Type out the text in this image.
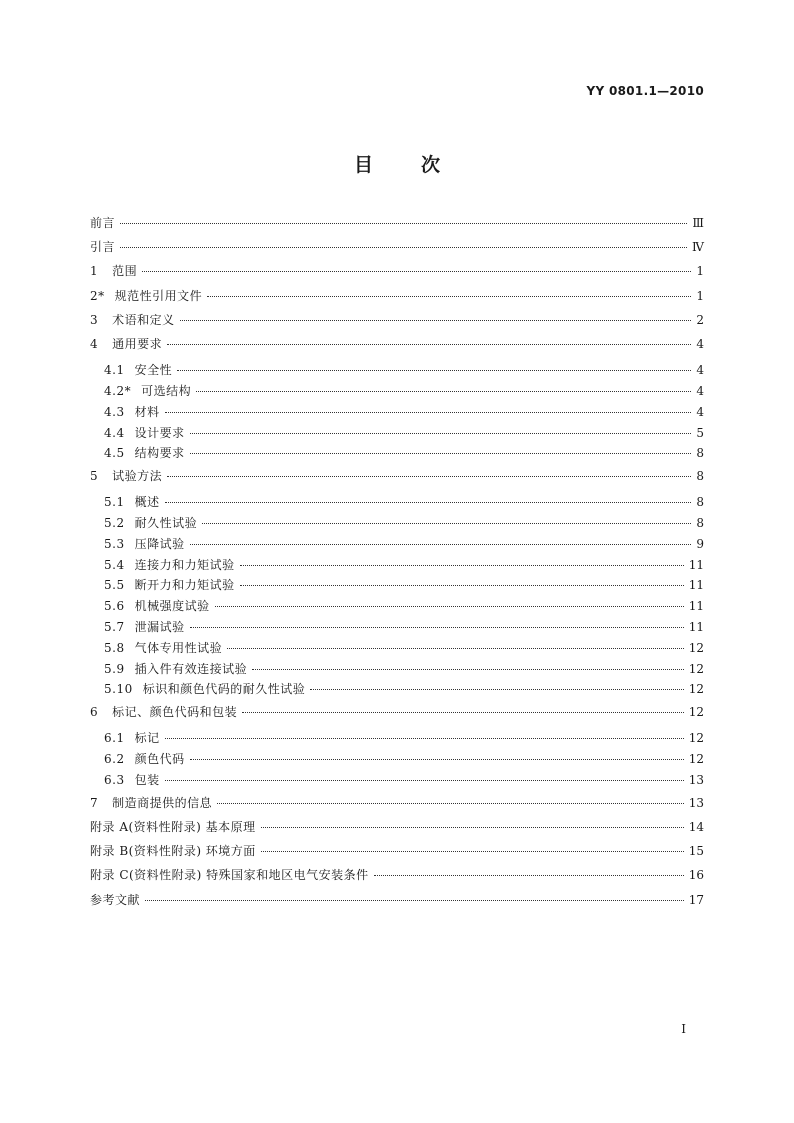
YY 0801.1—2010
目次
前言	Ⅲ
引言	Ⅳ
1 范围	1
2* 规范性引用文件	1
3 术语和定义	2
4 通用要求	4
4.1 安全性	4
4.2* 可选结构	4
4.3 材料	4
4.4 设计要求	5
4.5 结构要求	8
5 试验方法	8
5.1 概述	8
5.2 耐久性试验	8
5.3 压降试验	9
5.4 连接力和力矩试验	11
5.5 断开力和力矩试验	11
5.6 机械强度试验	11
5.7 泄漏试验	11
5.8 气体专用性试验	12
5.9 插入件有效连接试验	12
5.10 标识和颜色代码的耐久性试验	12
6 标记、颜色代码和包装	12
6.1 标记	12
6.2 颜色代码	12
6.3 包装	13
7 制造商提供的信息	13
附录 A(资料性附录) 基本原理	14
附录 B(资料性附录) 环境方面	15
附录 C(资料性附录) 特殊国家和地区电气安装条件	16
参考文献	17
I
